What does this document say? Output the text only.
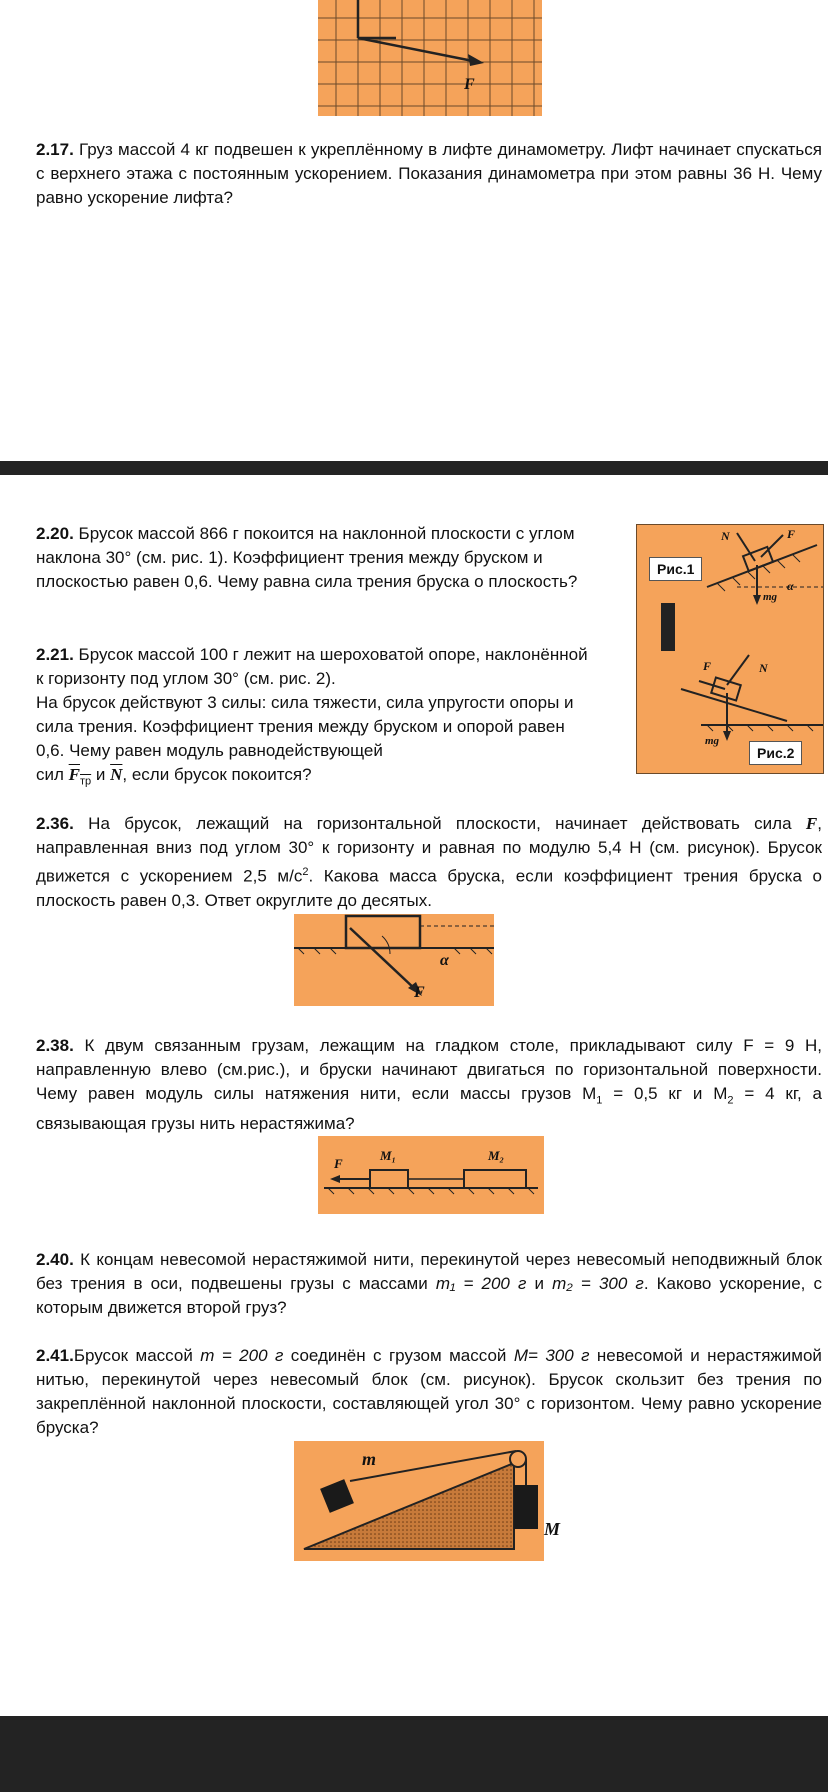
F
2.17. Груз массой 4 кг подвешен к укреплённому в лифте динамометру. Лифт начинает спускаться с верхнего этажа с постоянным ускорением. Показания динамометра при этом равны 36 Н. Чему равно ускорение лифта?
2.20. Брусок массой 866 г покоится на наклонной плоскости с углом наклона 30° (см. рис. 1). Коэффициент трения между бруском и плоскостью равен 0,6. Чему равна сила трения бруска о плоскость?
2.21. Брусок массой 100 г лежит на шероховатой опоре, наклонённой к горизонту под углом 30° (см. рис. 2).
На брусок действуют 3 силы: сила тяжести, сила упругости опоры и сила трения. Коэффициент трения между бруском и опорой равен 0,6. Чему равен модуль равнодействующей
сил $F_{тр}$ и $\overline{N}$, если брусок покоится?
Рис.1
Рис.2
N	F
α
mg
F	N
mg
2.36. На брусок, лежащий на горизонтальной плоскости, начинает действовать сила F, направленная вниз под углом 30° к горизонту и равная по модулю 5,4 Н (см. рисунок). Брусок движется с ускорением 2,5 $м/с^2$. Какова масса бруска, если коэффициент трения бруска о плоскость равен 0,3. Ответ округлите до десятых.
α
F
2.38. К двум связанным грузам, лежащим на гладком столе, прикладывают силу F = 9 Н, направленную влево (см.рис.), и бруски начинают двигаться по горизонтальной поверхности. Чему равен модуль силы натяжения нити, если массы грузов $M_1 = 0,5$ кг и $M_2 = 4$ кг, а связывающая грузы нить нерастяжима?
F
M₁	M₂
2.40. К концам невесомой нерастяжимой нити, перекинутой через невесомый неподвижный блок без трения в оси, подвешены грузы с массами m₁ = 200 г и m₂ = 300 г. Каково ускорение, с которым движется второй груз?
2.41.Брусок массой m = 200 г соединён с грузом массой M= 300 г невесомой и нерастяжимой нитью, перекинутой через невесомый блок (см. рисунок). Брусок скользит без трения по закреплённой наклонной плоскости, составляющей угол 30° с горизонтом. Чему равно ускорение бруска?
m
M
